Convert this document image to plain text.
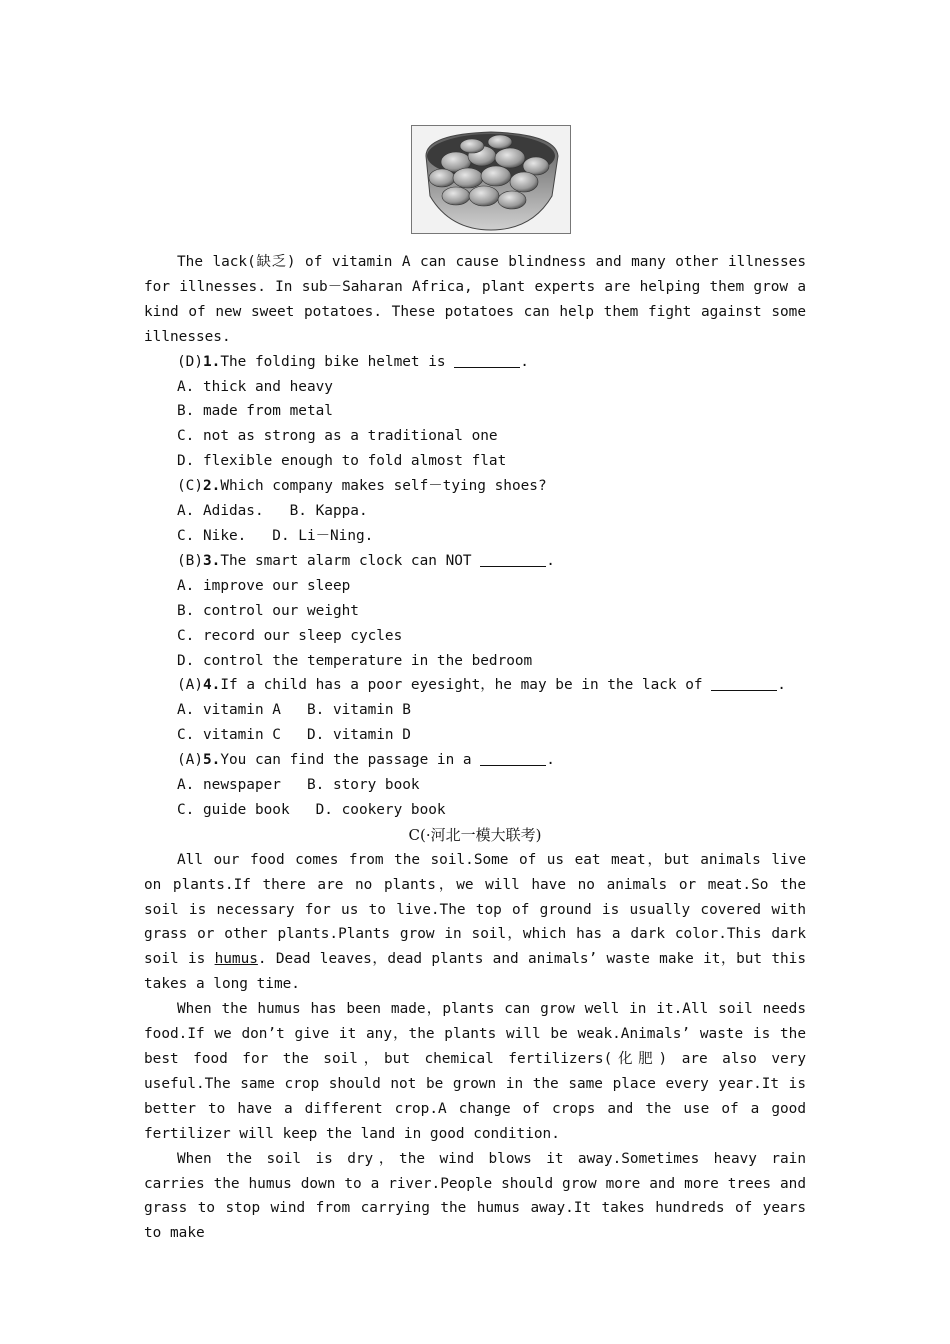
The lack(缺乏) of vitamin A can cause blindness and many other illnesses for illnesses. In sub－Saharan Africa, plant experts are helping them grow a kind of new sweet potatoes. These potatoes can help them fight against some illnesses.

(D)1.The folding bike helmet is	.

A. thick and heavy

B. made from metal

C. not as strong as a traditional one

D. flexible enough to fold almost flat

(C)2.Which company makes self－tying shoes?

A. Adidas.   B. Kappa.

C. Nike.   D. Li－Ning.

(B)3.The smart alarm clock can NOT	.

A. improve our sleep

B. control our weight

C. record our sleep cycles

D. control the temperature in the bedroom

(A)4.If a child has a poor eyesight，he may be in the lack of	.

A. vitamin A   B. vitamin B

C. vitamin C   D. vitamin D

(A)5.You can find the passage in a	.

A. newspaper   B. story book

C. guide book   D. cookery book

C(·河北一模大联考)

All our food comes from the soil.Some of us eat meat，but animals live on plants.If there are no plants，we will have no animals or meat.So the soil is necessary for us to live.The top of ground is usually covered with grass or other plants.Plants grow in soil，which has a dark color.This dark soil is humus. Dead leaves，dead plants and animals’ waste make it，but this takes a long time.

When the humus has been made，plants can grow well in it.All soil needs food.If we don’t give it any，the plants will be weak.Animals’ waste is the best food for the soil，but chemical fertilizers(化肥) are also very useful.The same crop should not be grown in the same place every year.It is better to have a different crop.A change of crops and the use of a good fertilizer will keep the land in good condition.

When the soil is dry，the wind blows it away.Sometimes heavy rain carries the humus down to a river.People should grow more and more trees and grass to stop wind from carrying the humus away.It takes hundreds of years to make
